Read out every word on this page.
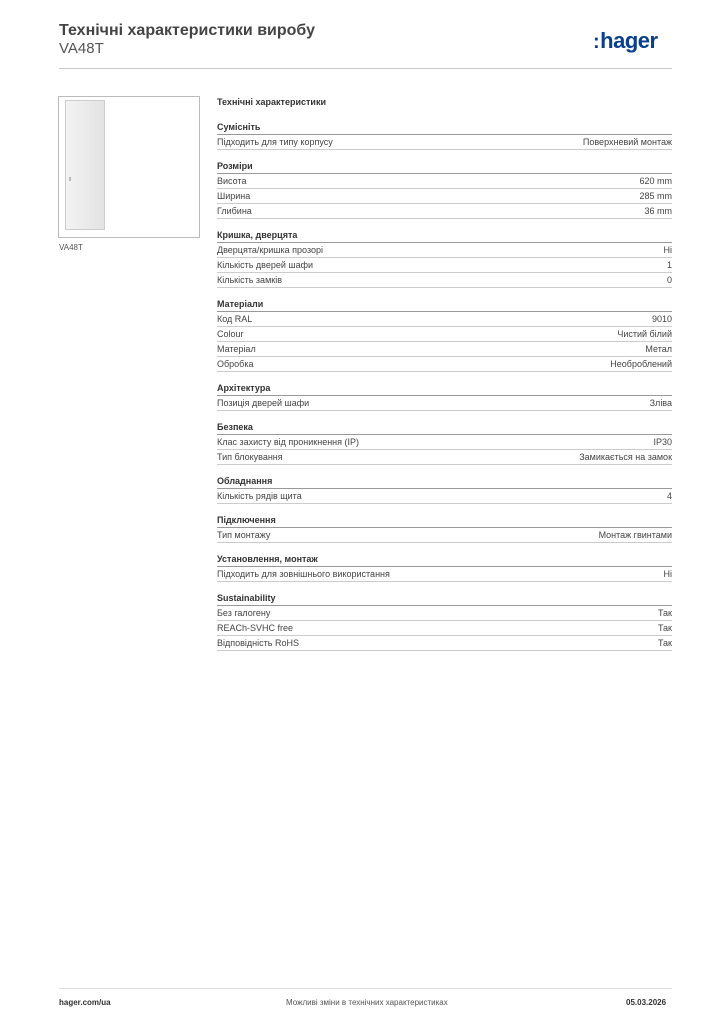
Технічні характеристики виробу
VA48T	:hager
VA48T
Технічні характеристики
Сумісніть
Підходить для типу корпусу	Поверхневий монтаж
Розміри
Висота	620 mm
Ширина	285 mm
Глибина	36 mm
Кришка, дверцята
Дверцята/кришка прозорі	Ні
Кількість дверей шафи	1
Кількість замків	0
Матеріали
Код RAL	9010
Colour	Чистий білий
Матеріал	Метал
Обробка	Необроблений
Архітектура
Позиція дверей шафи	Зліва
Безпека
Клас захисту від проникнення (IP)	IP30
Тип блокування	Замикається на замок
Обладнання
Кількість рядів щита	4
Підключення
Тип монтажу	Монтаж гвинтами
Установлення, монтаж
Підходить для зовнішнього використання	Ні
Sustainability
Без галогену	Так
REACh-SVHC free	Так
Відповідність RoHS	Так
hager.com/ua	Можливі зміни в технічних характеристиках	05.03.2026
